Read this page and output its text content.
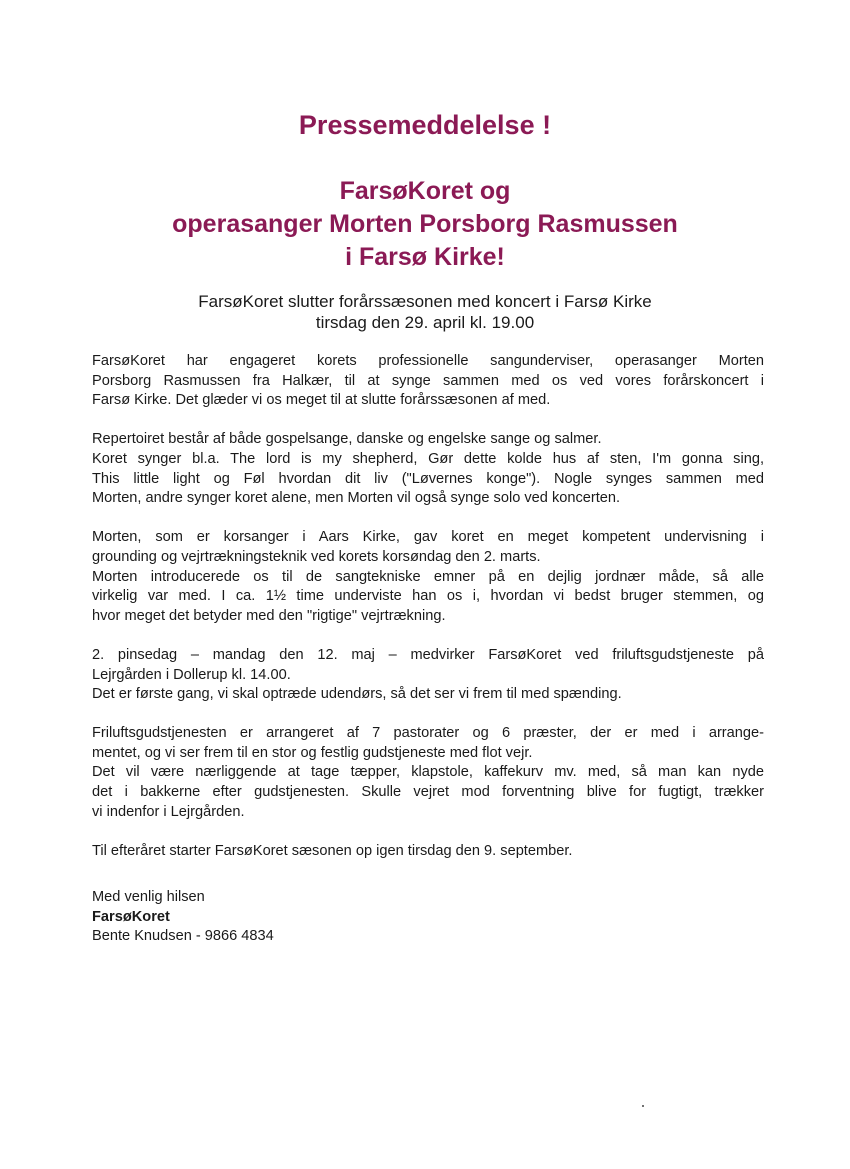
Pressemeddelelse !
FarsøKoret og
operasanger Morten Porsborg Rasmussen
i Farsø Kirke!
FarsøKoret slutter forårssæsonen med koncert i Farsø Kirke
tirsdag den 29. april kl. 19.00

FarsøKoret har engageret korets professionelle sangunderviser, operasanger Morten
Porsborg Rasmussen fra Halkær, til at synge sammen med os ved vores forårskoncert i
Farsø Kirke. Det glæder vi os meget til at slutte forårssæsonen af med.

Repertoiret består af både gospelsange, danske og engelske sange og salmer.
Koret synger bl.a. The lord is my shepherd, Gør dette kolde hus af sten, I'm gonna sing,
This little light og Føl hvordan dit liv ("Løvernes konge"). Nogle synges sammen med
Morten, andre synger koret alene, men Morten vil også synge solo ved koncerten.

Morten, som er korsanger i Aars Kirke, gav koret en meget kompetent undervisning i
grounding og vejrtrækningsteknik ved korets korsøndag den 2. marts.
Morten introducerede os til de sangtekniske emner på en dejlig jordnær måde, så alle
virkelig var med. I ca. 1½ time underviste han os i, hvordan vi bedst bruger stemmen, og
hvor meget det betyder med den "rigtige" vejrtrækning.

2. pinsedag – mandag den 12. maj – medvirker FarsøKoret ved friluftsgudstjeneste på
Lejrgården i Dollerup kl. 14.00.
Det er første gang, vi skal optræde udendørs, så det ser vi frem til med spænding.

Friluftsgudstjenesten er arrangeret af 7 pastorater og 6 præster, der er med i arrange-
mentet, og vi ser frem til en stor og festlig gudstjeneste med flot vejr.
Det vil være nærliggende at tage tæpper, klapstole, kaffekurv mv. med, så man kan nyde
det i bakkerne efter gudstjenesten. Skulle vejret mod forventning blive for fugtigt, trækker
vi indenfor i Lejrgården.

Til efteråret starter FarsøKoret sæsonen op igen tirsdag den 9. september.

Med venlig hilsen
FarsøKoret
Bente Knudsen - 9866 4834
